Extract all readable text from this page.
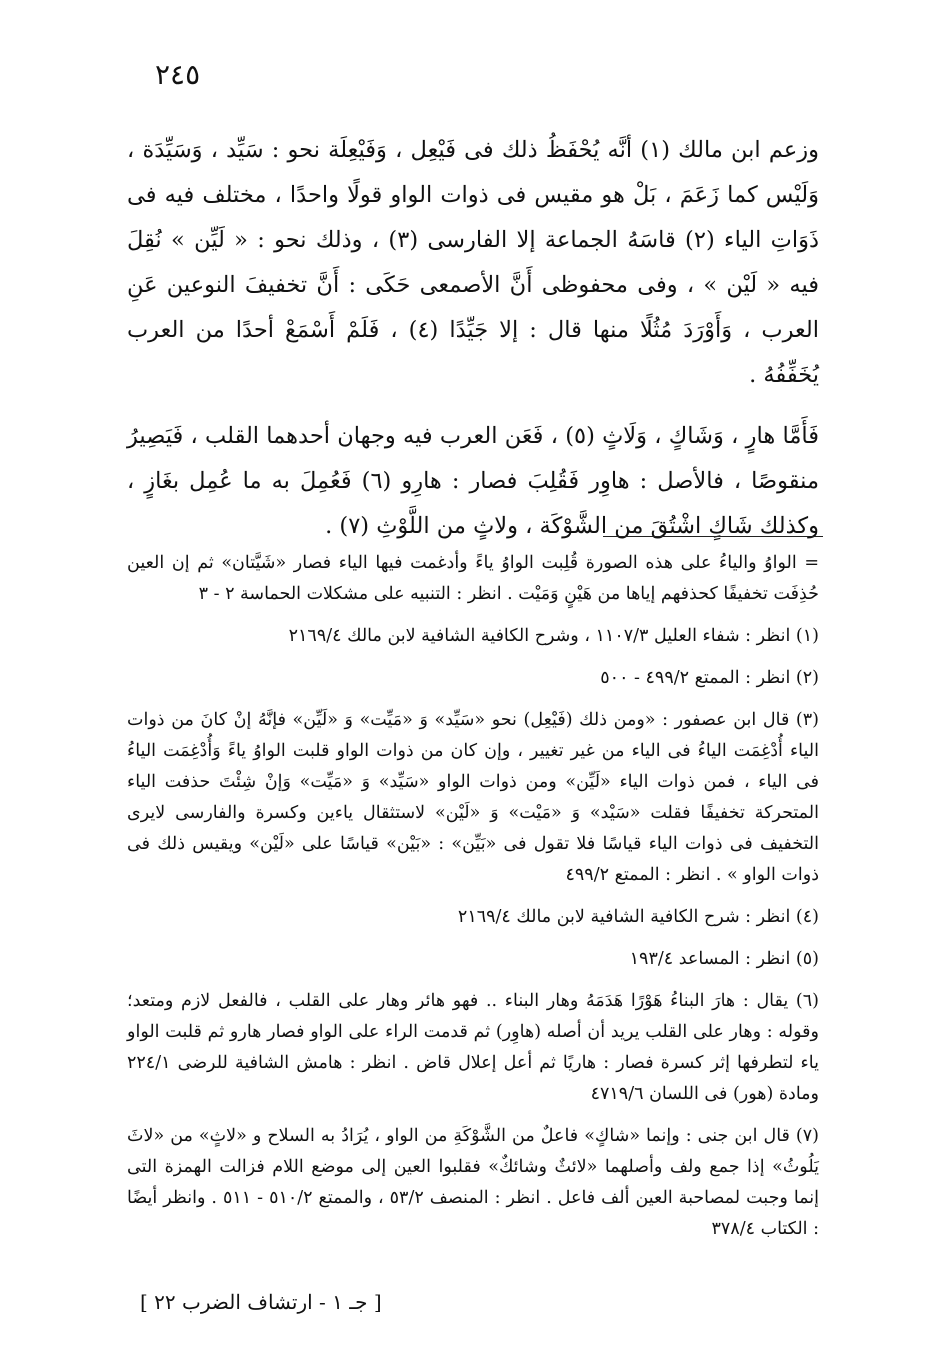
٢٤٥

وزعم ابن مالك (١) أنَّه يُحْفَظُ ذلك فى فَيْعِل ، وَفَيْعِلَة نحو : سَيِّد ، وَسَيِّدَة ، وَلَيْس كما زَعَمَ ، بَلْ هو مقيس فى ذوات الواو قولًا واحدًا ، مختلف فيه فى ذَوَاتِ الياء (٢) قاسَهُ الجماعة إلا الفارسى (٣) ، وذلك نحو : « لَيِّن » نُقِلَ فيه « لَيْن » ، وفى محفوظى أَنَّ الأصمعى حَكَى : أَنَّ تخفيفَ النوعين عَنِ العرب ، وَأَوْرَدَ مُثُلًا منها قال : إلا جَيِّدًا (٤) ، فَلَمْ أَسْمَعْ أحدًا من العرب يُخَفِّفُهُ .

فَأَمَّا هارٍ ، وَشَاكٍ ، وَلَاثٍ (٥) ، فَعَن العرب فيه وجهان أحدهما القلب ، فَيَصِيرُ منقوصًا ، فالأصل : هاوِر فَقُلِبَ فصار : هارِو (٦) فَعُمِلَ به ما عُمِل بغَازٍ ، وكذلك شَاكٍ اشْتُقَ من الشَّوْكَة ، ولاثٍ من اللَّوْثِ (٧) .

= الواوُ والياءُ على هذه الصورة قُلِبت الواوُ ياءً وأدغمت فيها الياء فصار «شَيَّتان» ثم إن العين حُذِفَت تخفيفًا كحذفهم إياها من هَيْنٍ وَمَيْت . انظر : التنبيه على مشكلات الحماسة ٢ - ٣

(١) انظر : شفاء العليل ١١٠٧/٣ ، وشرح الكافية الشافية لابن مالك ٢١٦٩/٤

(٢) انظر : الممتع ٤٩٩/٢ - ٥٠٠

(٣) قال ابن عصفور : «ومن ذلك (فَيْعِل) نحو «سَيِّد» وَ «مَيِّت» وَ «لَيِّن» فإنَّهُ إنْ كانَ من ذوات الياء أُدْغِمَت الياءُ فى الياء من غير تغيير ، وإن كان من ذوات الواو قلبت الواوُ ياءً وَأُدْغِمَت الياءُ فى الياء ، فمن ذوات الياء «لَيِّن» ومن ذوات الواو «سَيِّد» وَ «مَيِّت» وَإنْ شِئْتَ حذفت الياء المتحركة تخفيفًا فقلت «سَيْد» وَ «مَيْت» وَ «لَيْن» لاستثقال ياءين وكسرة والفارسى لايرى التخفيف فى ذوات الياء قياسًا فلا تقول فى «بَيِّن» : «بَيْن» قياسًا على «لَيْن» ويقيس ذلك فى ذوات الواو » . انظر : الممتع ٤٩٩/٢

(٤) انظر : شرح الكافية الشافية لابن مالك ٢١٦٩/٤

(٥) انظر : المساعد ١٩٣/٤

(٦) يقال : هارَ البناءُ هَوْرًا هَدَمَهُ وهار البناء .. فهو هائر وهار على القلب ، فالفعل لازم ومتعد؛ وقوله : وهار على القلب يريد أن أصله (هاوِر) ثم قدمت الراء على الواو فصار هارو ثم قلبت الواو ياء لتطرفها إثر كسرة فصار : هاريًا ثم أعل إعلال قاض . انظر : هامش الشافية للرضى ٢٢٤/١ ومادة (هور) فى اللسان ٤٧١٩/٦

(٧) قال ابن جنى : وإنما «شاكٍ» فاعلٌ من الشَّوْكَةِ من الواو ، يُرَادُ به السلاح و «لاثٍ» من «لاثَ يَلُوثُ» إذا جمع ولف وأصلهما «لائثٌ وشائكٌ» فقلبوا العين إلى موضع اللام فزالت الهمزة التى إنما وجبت لمصاحبة العين ألف فاعل . انظر : المنصف ٥٣/٢ ، والممتع ٥١٠/٢ - ٥١١ . وانظر أيضًا : الكتاب ٣٧٨/٤

[ جـ ١ - ارتشاف الضرب ٢٢ ]
